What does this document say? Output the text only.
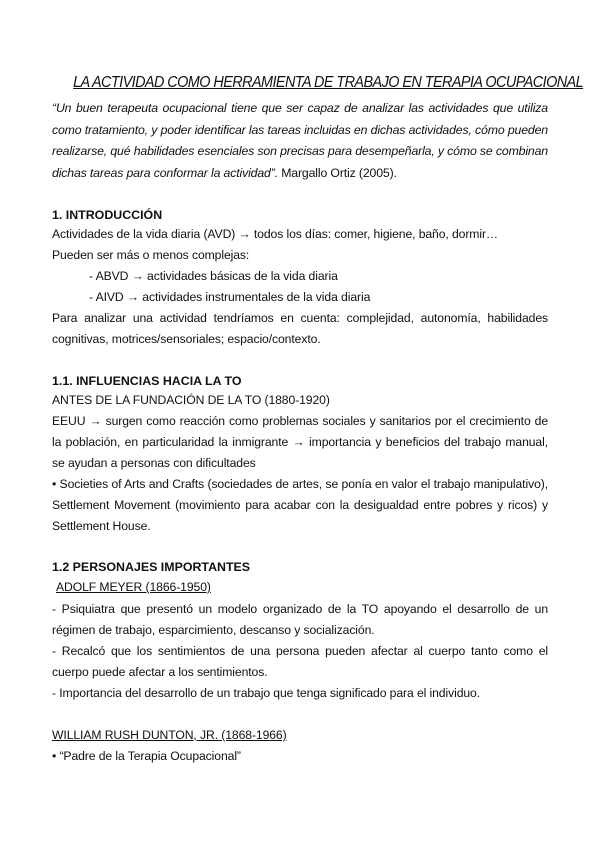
LA ACTIVIDAD COMO HERRAMIENTA DE TRABAJO EN TERAPIA OCUPACIONAL
“Un buen terapeuta ocupacional tiene que ser capaz de analizar las actividades que utiliza como tratamiento, y poder identificar las tareas incluidas en dichas actividades, cómo pueden realizarse, qué habilidades esenciales son precisas para desempeñarla, y cómo se combinan dichas tareas para conformar la actividad”. Margallo Ortiz (2005).
1. INTRODUCCIÓN
Actividades de la vida diaria (AVD) → todos los días: comer, higiene, baño, dormir…
Pueden ser más o menos complejas:
- ABVD → actividades básicas de la vida diaria
- AIVD → actividades instrumentales de la vida diaria
Para analizar una actividad tendríamos en cuenta: complejidad, autonomía, habilidades cognitivas, motrices/sensoriales; espacio/contexto.
1.1. INFLUENCIAS HACIA LA TO
ANTES DE LA FUNDACIÓN DE LA TO (1880-1920)
EEUU → surgen como reacción como problemas sociales y sanitarios por el crecimiento de la población, en particularidad la inmigrante → importancia y beneficios del trabajo manual, se ayudan a personas con dificultades
• Societies of Arts and Crafts (sociedades de artes, se ponía en valor el trabajo manipulativo), Settlement Movement (movimiento para acabar con la desigualdad entre pobres y ricos) y Settlement House.
1.2 PERSONAJES IMPORTANTES
ADOLF MEYER (1866-1950)
- Psiquiatra que presentó un modelo organizado de la TO apoyando el desarrollo de un régimen de trabajo, esparcimiento, descanso y socialización.
- Recalcó que los sentimientos de una persona pueden afectar al cuerpo tanto como el cuerpo puede afectar a los sentimientos.
- Importancia del desarrollo de un trabajo que tenga significado para el individuo.
WILLIAM RUSH DUNTON, JR. (1868-1966)
• “Padre de la Terapia Ocupacional”
